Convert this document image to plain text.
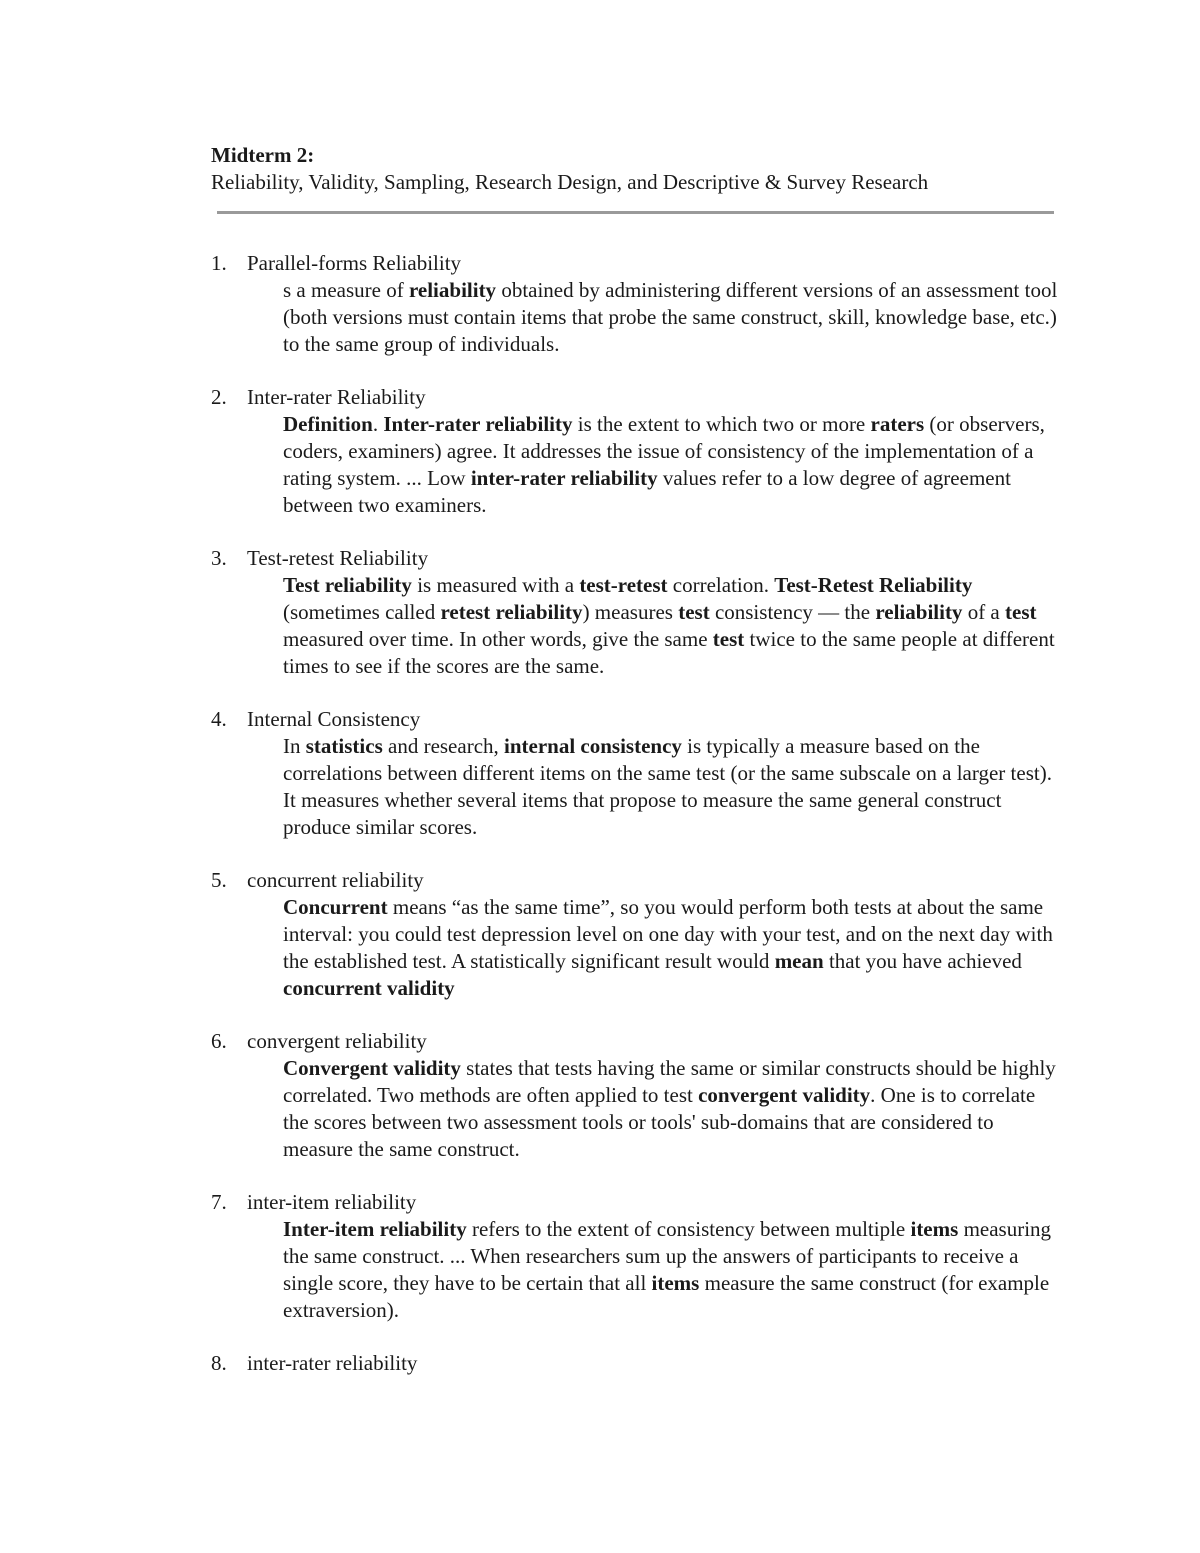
Midterm 2:

Reliability, Validity, Sampling, Research Design, and Descriptive & Survey Research

1. Parallel-forms Reliability

s a measure of reliability obtained by administering different versions of an assessment tool (both versions must contain items that probe the same construct, skill, knowledge base, etc.) to the same group of individuals.

2. Inter-rater Reliability

Definition. Inter-rater reliability is the extent to which two or more raters (or observers, coders, examiners) agree. It addresses the issue of consistency of the implementation of a rating system. ... Low inter-rater reliability values refer to a low degree of agreement between two examiners.

3. Test-retest Reliability

Test reliability is measured with a test-retest correlation. Test-Retest Reliability (sometimes called retest reliability) measures test consistency — the reliability of a test measured over time. In other words, give the same test twice to the same people at different times to see if the scores are the same.

4. Internal Consistency

In statistics and research, internal consistency is typically a measure based on the correlations between different items on the same test (or the same subscale on a larger test). It measures whether several items that propose to measure the same general construct produce similar scores.

5. concurrent reliability

Concurrent means “as the same time”, so you would perform both tests at about the same interval: you could test depression level on one day with your test, and on the next day with the established test. A statistically significant result would mean that you have achieved concurrent validity

6. convergent reliability

Convergent validity states that tests having the same or similar constructs should be highly correlated. Two methods are often applied to test convergent validity. One is to correlate the scores between two assessment tools or tools' sub-domains that are considered to measure the same construct.

7. inter-item reliability

Inter-item reliability refers to the extent of consistency between multiple items measuring the same construct. ... When researchers sum up the answers of participants to receive a single score, they have to be certain that all items measure the same construct (for example extraversion).

8. inter-rater reliability
